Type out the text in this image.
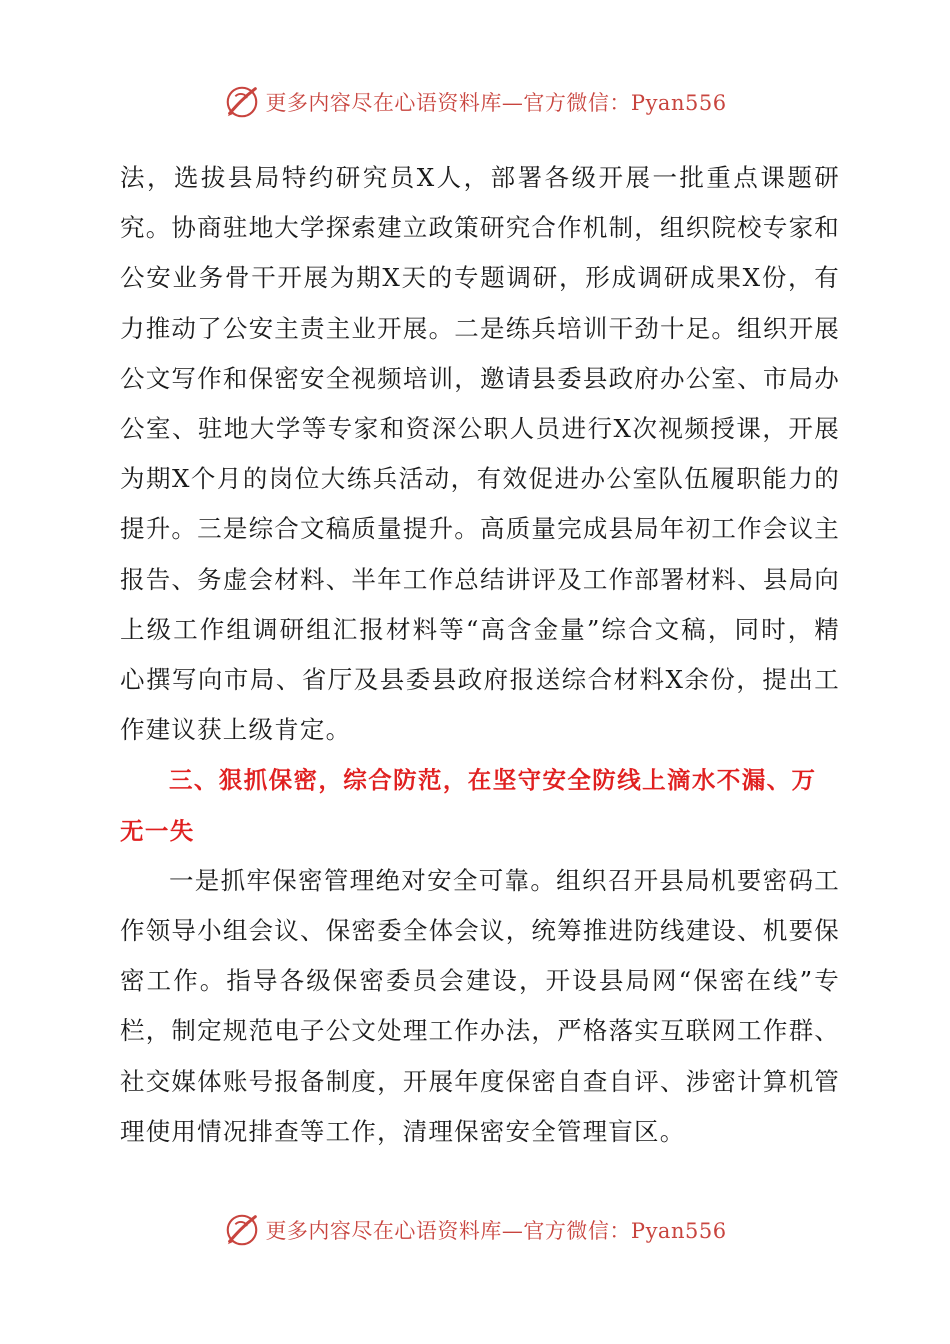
更多内容尽在心语资料库—官方微信：Pyan556

法，选拔县局特约研究员X人，部署各级开展一批重点课题研究。协商驻地大学探索建立政策研究合作机制，组织院校专家和公安业务骨干开展为期X天的专题调研，形成调研成果X份，有力推动了公安主责主业开展。二是练兵培训干劲十足。组织开展公文写作和保密安全视频培训，邀请县委县政府办公室、市局办公室、驻地大学等专家和资深公职人员进行X次视频授课，开展为期X个月的岗位大练兵活动，有效促进办公室队伍履职能力的提升。三是综合文稿质量提升。高质量完成县局年初工作会议主报告、务虚会材料、半年工作总结讲评及工作部署材料、县局向上级工作组调研组汇报材料等“高含金量”综合文稿，同时，精心撰写向市局、省厅及县委县政府报送综合材料X余份，提出工作建议获上级肯定。

三、狠抓保密，综合防范，在坚守安全防线上滴水不漏、万无一失

一是抓牢保密管理绝对安全可靠。组织召开县局机要密码工作领导小组会议、保密委全体会议，统筹推进防线建设、机要保密工作。指导各级保密委员会建设，开设县局网“保密在线”专栏，制定规范电子公文处理工作办法，严格落实互联网工作群、社交媒体账号报备制度，开展年度保密自查自评、涉密计算机管理使用情况排查等工作，清理保密安全管理盲区。

更多内容尽在心语资料库—官方微信：Pyan556
